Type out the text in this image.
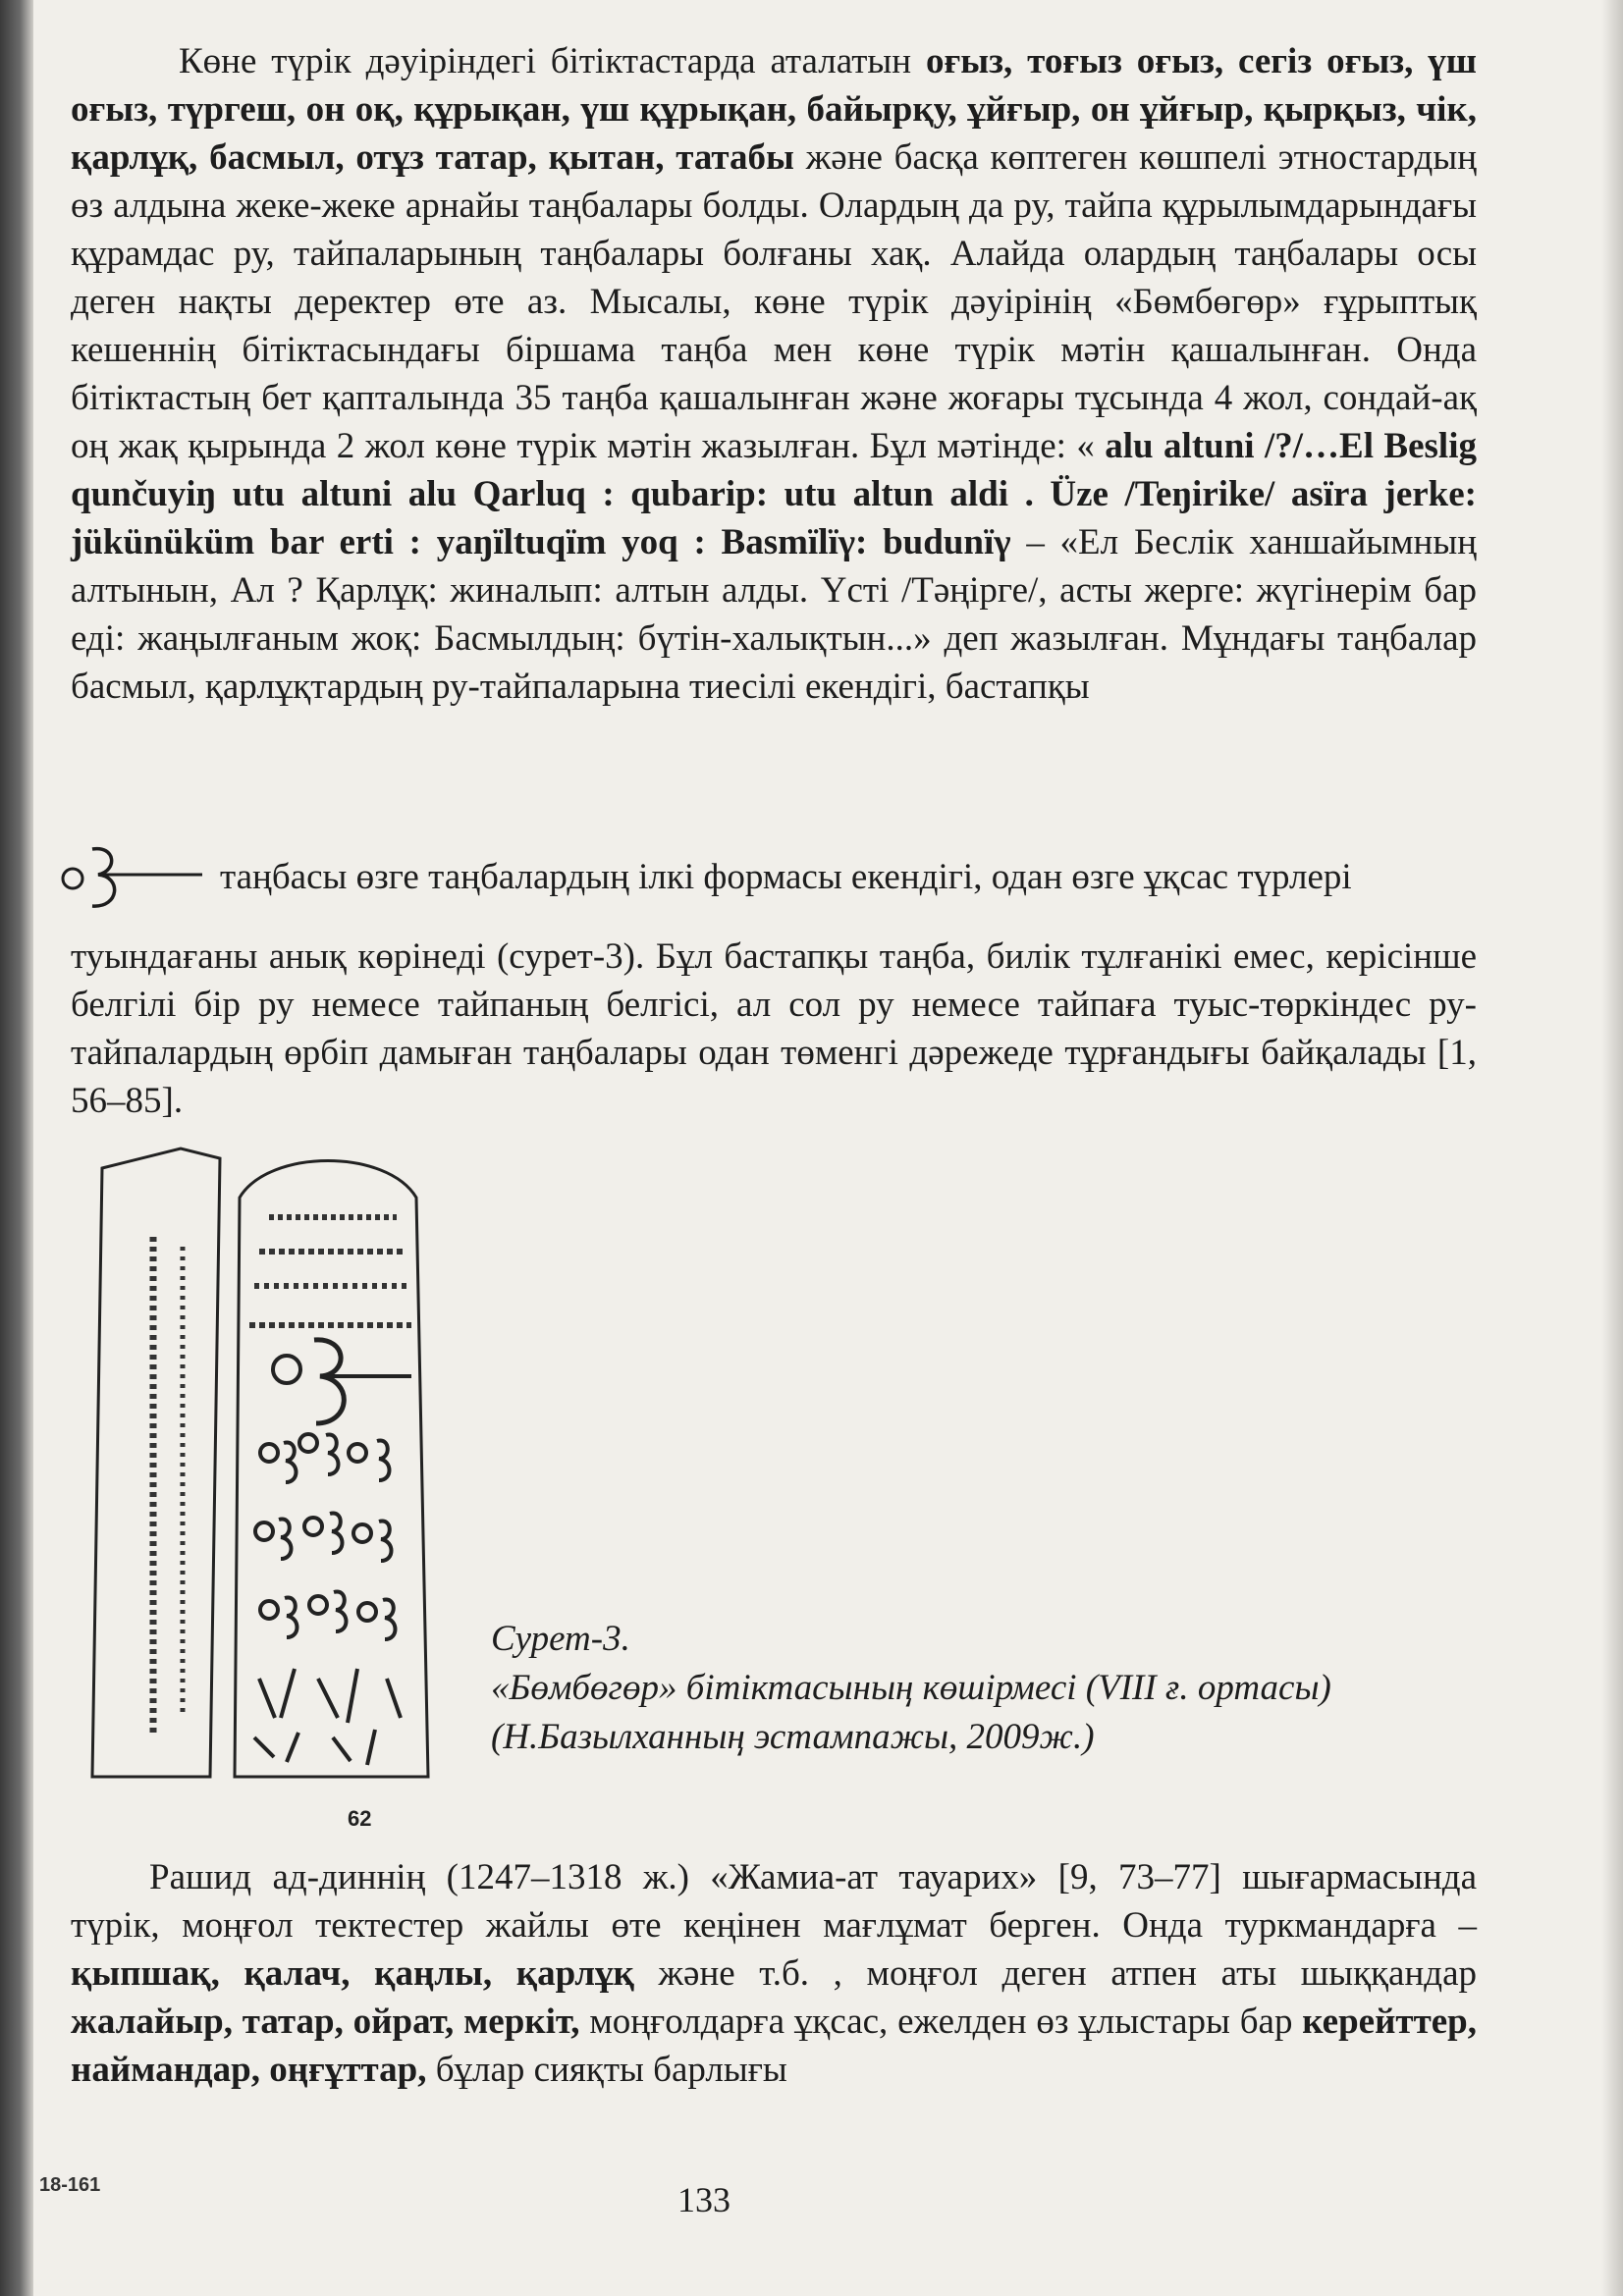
Көне түрік дәуіріндегі бітіктастарда аталатын оғыз, тоғыз оғыз, сегіз оғыз, үш оғыз, түргеш, он оқ, құрықан, үш құрықан, байырқу, ұйғыр, он ұйғыр, қырқыз, чік, қарлұқ, басмыл, отұз татар, қытан, татабы және басқа көптеген көшпелі этностардың өз алдына жеке-жеке арнайы таңбалары болды. Олардың да ру, тайпа құрылымдарындағы құрамдас ру, тайпаларының таңбалары болғаны хақ. Алайда олардың таңбалары осы деген нақты деректер өте аз. Мысалы, көне түрік дәуірінің «Бөмбөгөр» ғұрыптық кешеннің бітіктасындағы біршама таңба мен көне түрік мәтін қашалынған. Онда бітіктастың бет қапталында 35 таңба қашалынған және жоғары тұсында 4 жол, сондай-ақ оң жақ қырында 2 жол көне түрік мәтін жазылған. Бұл мәтінде: « alu altuni /?/…El Beslig qunčuyiŋ utu altuni alu Qarluq : qubarip: utu altun aldi . Üze /Teŋirike/ asïra jerke: jükünüküm bar erti : yaŋïltuqïm yoq : Basmïlïγ: budunïγ – «Ел Беслік ханшайымның алтынын, Ал ? Қарлұқ: жиналып: алтын алды. Үсті /Тәңірге/, асты жерге: жүгінерім бар еді: жаңылғаным жоқ: Басмылдың: бүтін-халықтын...» деп жазылған. Мұндағы таңбалар басмыл, қарлұқтардың ру-тайпаларына тиесілі екендігі, бастапқы

таңбасы өзге таңбалардың ілкі формасы екендігі, одан өзге ұқсас түрлері

туындағаны анық көрінеді (сурет-3). Бұл бастапқы таңба, билік тұлғанікі емес, керісінше белгілі бір ру немесе тайпаның белгісі, ал сол ру немесе тайпаға туыс-төркіндес ру-тайпалардың өрбіп дамыған таңбалары одан төменгі дәрежеде тұрғандығы байқалады [1, 56–85].

62
Сурет-3.
«Бөмбөгөр» бітіктасының көшірмесі (VIII ғ. ортасы)
(Н.Базылханның эстампажы, 2009ж.)

Рашид ад-диннің (1247–1318 ж.) «Жамиа-ат тауарих» [9, 73–77] шығармасында түрік, моңғол тектестер жайлы өте кеңінен мағлұмат берген. Онда туркмандарға – қыпшақ, қалач, қаңлы, қарлұқ және т.б. , моңғол деген атпен аты шыққандар жалайыр, татар, ойрат, меркіт, моңғолдарға ұқсас, ежелден өз ұлыстары бар керейттер, наймандар, оңғұттар, бұлар сияқты барлығы

18-161	133
